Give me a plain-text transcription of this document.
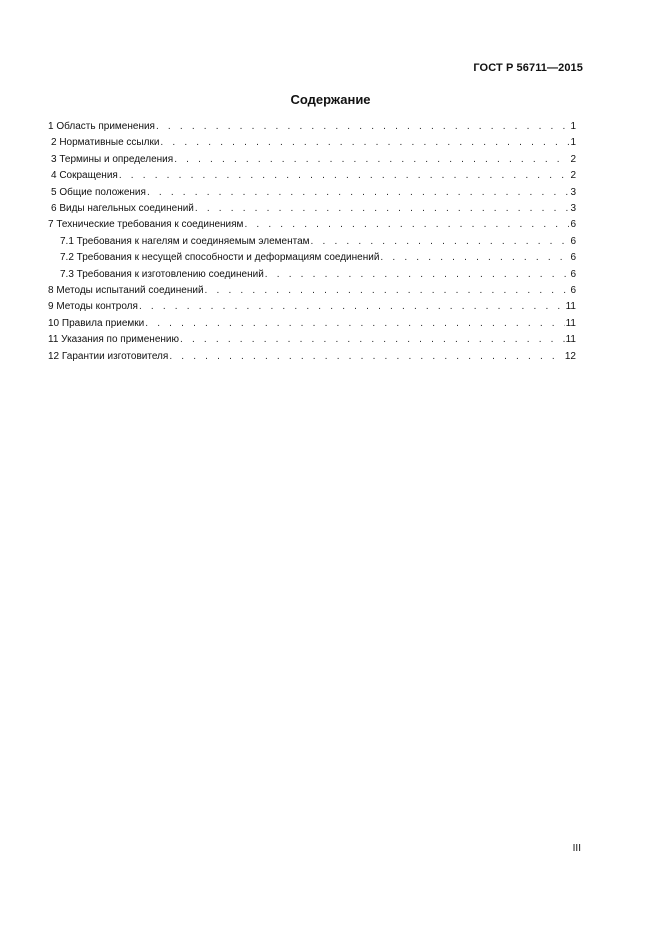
ГОСТ Р 56711—2015
Содержание
1 Область применения . . .	1
2 Нормативные ссылки . . .	1
3 Термины и определения . . .	2
4 Сокращения . . .	2
5 Общие положения . . .	3
6 Виды нагельных соединений . . .	3
7 Технические требования к соединениям . . .	6
7.1 Требования к нагелям и соединяемым элементам . . .	6
7.2 Требования к несущей способности и деформациям соединений . . .	6
7.3 Требования к изготовлению соединений . . .	6
8 Методы испытаний соединений . . .	6
9 Методы контроля . . .	11
10 Правила приемки . . .	11
11 Указания по применению . . .	11
12 Гарантии изготовителя . . .	12
III
